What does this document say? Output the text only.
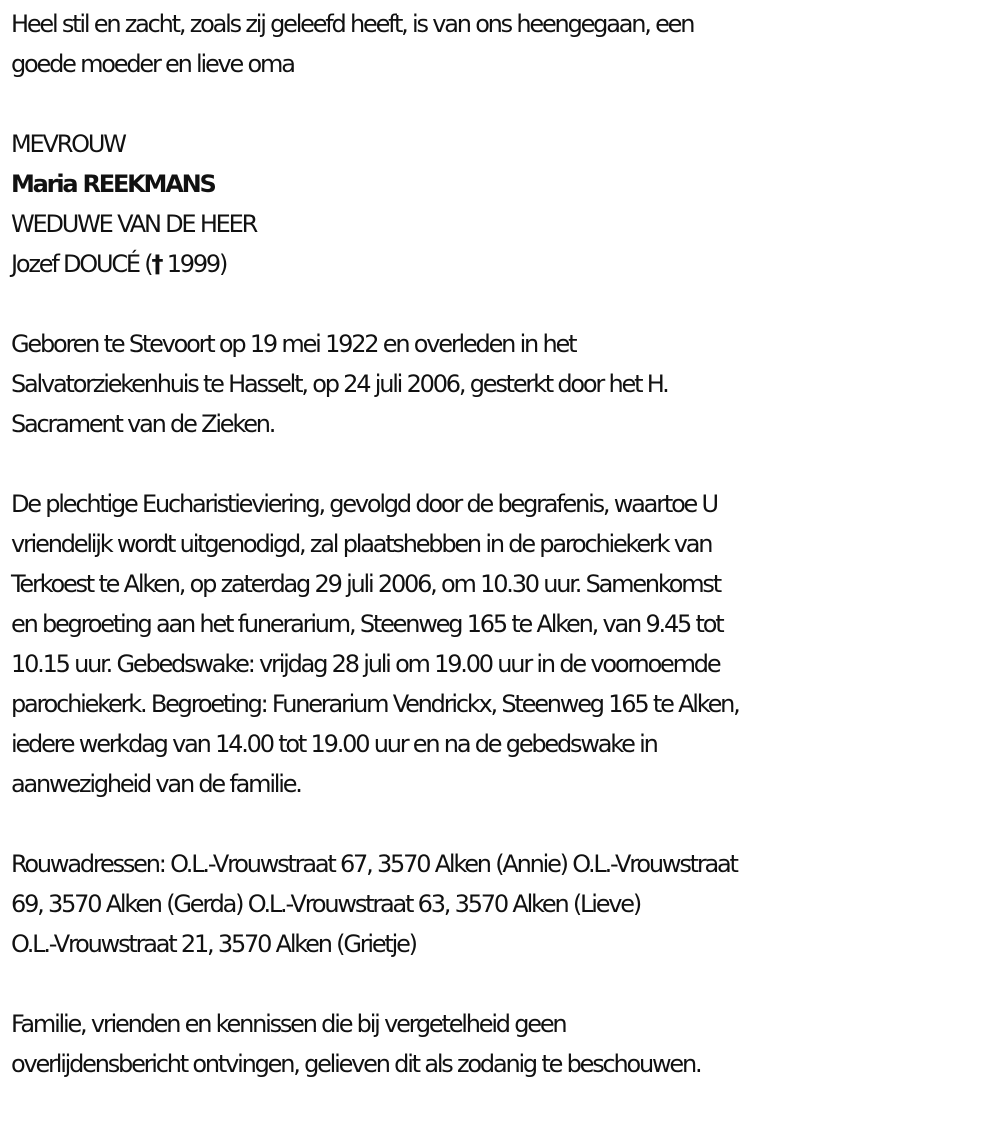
Heel stil en zacht, zoals zij geleefd heeft, is van ons heengegaan, een
goede moeder en lieve oma
MEVROUW
Maria REEKMANS
WEDUWE VAN DE HEER
Jozef DOUCÉ († 1999)
Geboren te Stevoort op 19 mei 1922 en overleden in het
Salvatorziekenhuis te Hasselt, op 24 juli 2006, gesterkt door het H.
Sacrament van de Zieken.
De plechtige Eucharistieviering, gevolgd door de begrafenis, waartoe U
vriendelijk wordt uitgenodigd, zal plaatshebben in de parochiekerk van
Terkoest te Alken, op zaterdag 29 juli 2006, om 10.30 uur. Samenkomst
en begroeting aan het funerarium, Steenweg 165 te Alken, van 9.45 tot
10.15 uur. Gebedswake: vrijdag 28 juli om 19.00 uur in de voornoemde
parochiekerk. Begroeting: Funerarium Vendrickx, Steenweg 165 te Alken,
iedere werkdag van 14.00 tot 19.00 uur en na de gebedswake in
aanwezigheid van de familie.
Rouwadressen: O.L.-Vrouwstraat 67, 3570 Alken (Annie) O.L.-Vrouwstraat
69, 3570 Alken (Gerda) O.L.-Vrouwstraat 63, 3570 Alken (Lieve)
O.L.-Vrouwstraat 21, 3570 Alken (Grietje)
Familie, vrienden en kennissen die bij vergetelheid geen
overlijdensbericht ontvingen, gelieven dit als zodanig te beschouwen.
